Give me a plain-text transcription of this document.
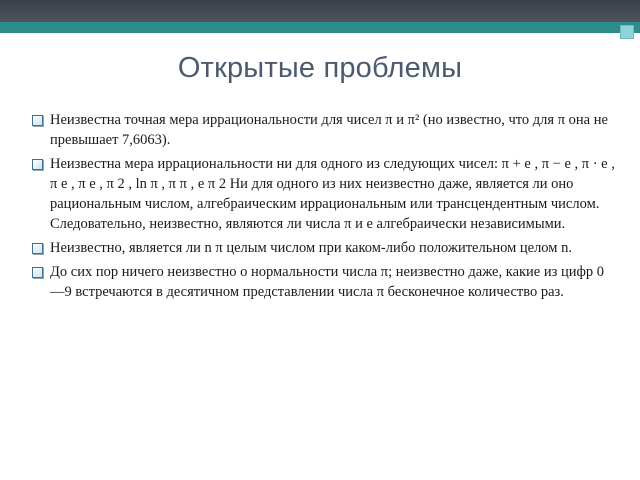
Открытые проблемы
Неизвестна точная мера иррациональности для чисел π и π² (но известно, что для π она не превышает 7,6063).
Неизвестна мера иррациональности ни для одного из следующих чисел: π + e , π − e , π · e , π e , π e , π 2 , ln π , π π , e π 2 Ни для одного из них неизвестно даже, является ли оно рациональным числом, алгебраическим иррациональным или трансцендентным числом. Следовательно, неизвестно, являются ли числа π и e алгебраически независимыми.
Неизвестно, является ли n π целым числом при каком-либо положительном целом n.
До сих пор ничего неизвестно о нормальности числа π; неизвестно даже, какие из цифр 0—9 встречаются в десятичном представлении числа π бесконечное количество раз.
